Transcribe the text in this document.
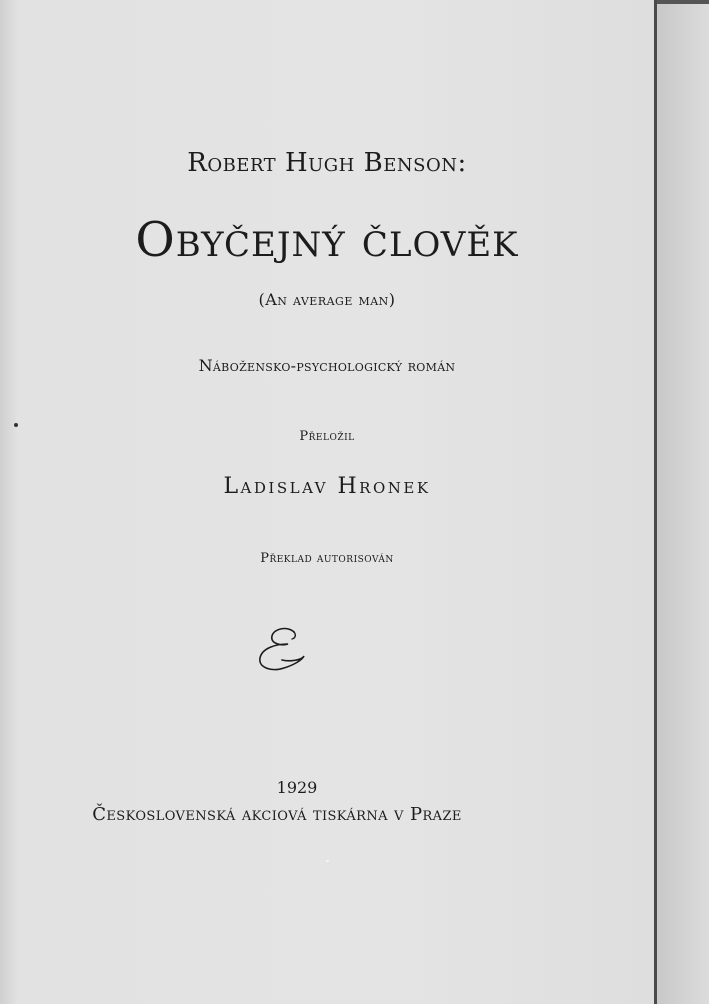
Robert Hugh Benson:
Obyčejný člověk
(An average man)
Nábožensko-psychologický román
Přeložil
Ladislav Hronek
Překlad autorisován
1929
Československá akciová tiskárna v Praze
